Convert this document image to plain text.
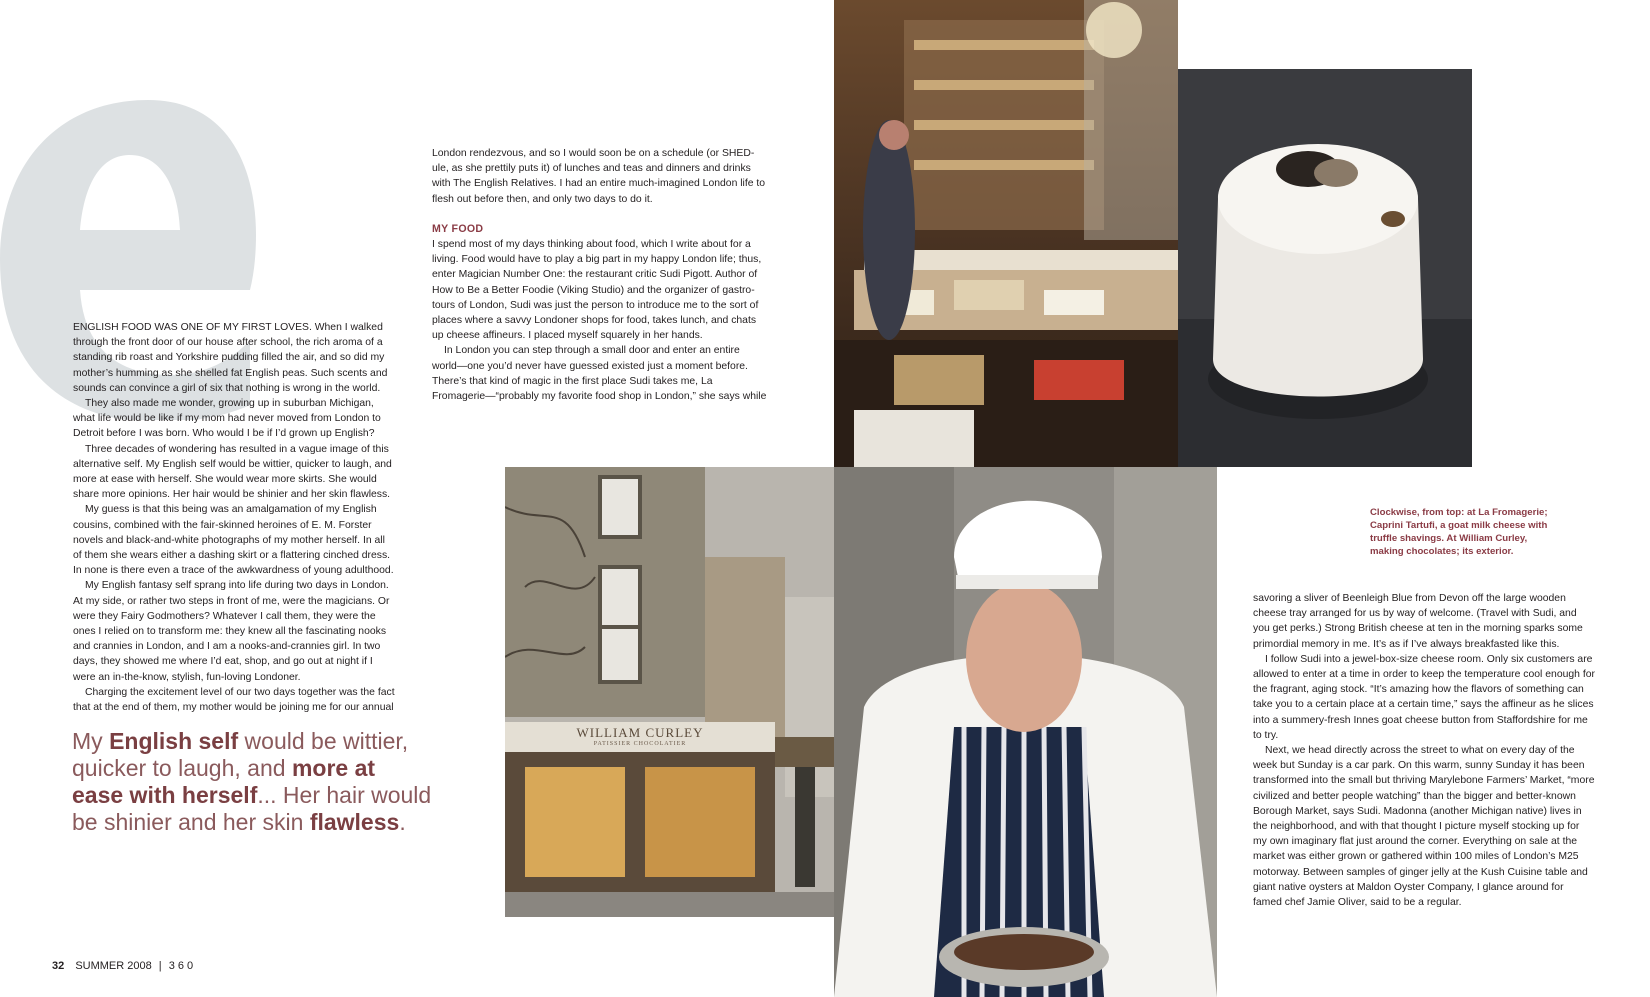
ENGLISH FOOD WAS ONE OF MY FIRST LOVES. When I walked through the front door of our house after school, the rich aroma of a standing rib roast and Yorkshire pudding filled the air, and so did my mother’s humming as she shelled fat English peas. Such scents and sounds can convince a girl of six that nothing is wrong in the world.

They also made me wonder, growing up in suburban Michigan, what life would be like if my mom had never moved from London to Detroit before I was born. Who would I be if I’d grown up English?

Three decades of wondering has resulted in a vague image of this alternative self. My English self would be wittier, quicker to laugh, and more at ease with herself. She would wear more skirts. She would share more opinions. Her hair would be shinier and her skin flawless.

My guess is that this being was an amalgamation of my English cousins, combined with the fair-skinned heroines of E. M. Forster novels and black-and-white photographs of my mother herself. In all of them she wears either a dashing skirt or a flattering cinched dress. In none is there even a trace of the awkwardness of young adulthood.

My English fantasy self sprang into life during two days in London. At my side, or rather two steps in front of me, were the magicians. Or were they Fairy Godmothers? Whatever I call them, they were the ones I relied on to transform me: they knew all the fascinating nooks and crannies in London, and I am a nooks-and-crannies girl. In two days, they showed me where I’d eat, shop, and go out at night if I were an in-the-know, stylish, fun-loving Londoner.

Charging the excitement level of our two days together was the fact that at the end of them, my mother would be joining me for our annual

My English self would be wittier, quicker to laugh, and more at ease with herself... Her hair would be shinier and her skin flawless.

London rendezvous, and so I would soon be on a schedule (or SHED-ule, as she prettily puts it) of lunches and teas and dinners and drinks with The English Relatives. I had an entire much-imagined London life to flesh out before then, and only two days to do it.

MY FOOD

I spend most of my days thinking about food, which I write about for a living. Food would have to play a big part in my happy London life; thus, enter Magician Number One: the restaurant critic Sudi Pigott. Author of How to Be a Better Foodie (Viking Studio) and the organizer of gastro-tours of London, Sudi was just the person to introduce me to the sort of places where a savvy Londoner shops for food, takes lunch, and chats up cheese affineurs. I placed myself squarely in her hands.

In London you can step through a small door and enter an entire world—one you’d never have guessed existed just a moment before. There’s that kind of magic in the first place Sudi takes me, La Fromagerie—“probably my favorite food shop in London,” she says while

WILLIAM CURLEY
PATISSIER CHOCOLATIER
Clockwise, from top: at La Fromagerie; Caprini Tartufi, a goat milk cheese with truffle shavings. At William Curley, making chocolates; its exterior.

savoring a sliver of Beenleigh Blue from Devon off the large wooden cheese tray arranged for us by way of welcome. (Travel with Sudi, and you get perks.) Strong British cheese at ten in the morning sparks some primordial memory in me. It’s as if I’ve always breakfasted like this.

I follow Sudi into a jewel-box-size cheese room. Only six customers are allowed to enter at a time in order to keep the temperature cool enough for the fragrant, aging stock. “It’s amazing how the flavors of something can take you to a certain place at a certain time,” says the affineur as he slices into a summery-fresh Innes goat cheese button from Staffordshire for me to try.

Next, we head directly across the street to what on every day of the week but Sunday is a car park. On this warm, sunny Sunday it has been transformed into the small but thriving Marylebone Farmers’ Market, “more civilized and better people watching” than the bigger and better-known Borough Market, says Sudi. Madonna (another Michigan native) lives in the neighborhood, and with that thought I picture myself stocking up for my own imaginary flat just around the corner. Everything on sale at the market was either grown or gathered within 100 miles of London’s M25 motorway. Between samples of ginger jelly at the Kush Cuisine table and giant native oysters at Maldon Oyster Company, I glance around for famed chef Jamie Oliver, said to be a regular.

32 SUMMER 2008 | 360
